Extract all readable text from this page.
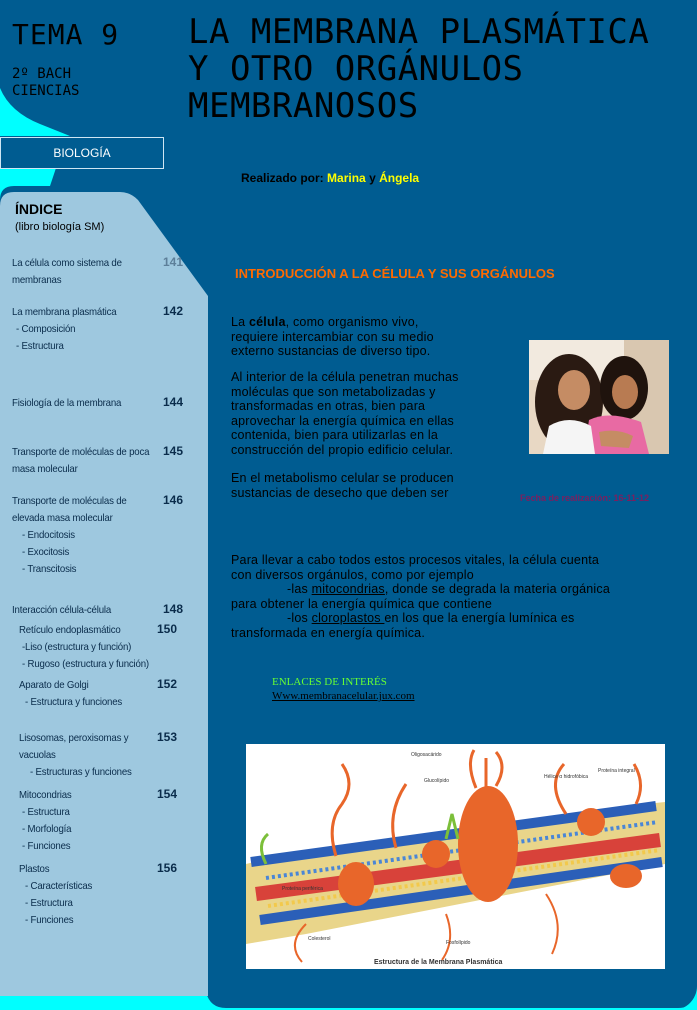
TEMA 9
2º BACH
CIENCIAS
LA MEMBRANA PLASMÁTICA
Y OTRO ORGÁNULOS
MEMBRANOSOS
BIOLOGÍA
ÍNDICE
(libro biología SM)
La célula como sistema de	141
membranas
La membrana plasmática	142
- Composición
- Estructura
Fisiología de la membrana	144
Transporte de moléculas de poca 145
masa molecular
Transporte de moléculas de	146
elevada masa molecular
- Endocitosis
- Exocitosis
- Transcitosis
Interacción célula-célula	148
Retículo endoplasmático	150
-Liso (estructura y función)
- Rugoso (estructura y función)
Aparato de Golgi	152
- Estructura y funciones
Lisosomas, peroxisomas y 153
vacuolas
- Estructuras y funciones
Mitocondrias	154
- Estructura
- Morfología
- Funciones
Plastos	156
- Características
- Estructura
- Funciones
Realizado por: Marina y Ángela
INTRODUCCIÓN A LA CÉLULA Y SUS ORGÁNULOS
La célula, como organismo vivo,
requiere intercambiar con su medio
externo sustancias de diverso tipo.
Al interior de la célula penetran muchas
moléculas que son metabolizadas y
transformadas en otras, bien para
aprovechar la energía química en ellas
contenida, bien para utilizarlas en la
construcción del propio edificio celular.
En el metabolismo celular se producen
sustancias de desecho que deben ser	Fecha de realización: 16-11-12
Para llevar a cabo todos estos procesos vitales, la célula cuenta
con diversos orgánulos, como por ejemplo
-las mitocondrias, donde se degrada la materia orgánica
para obtener la energía química que contiene
-los cloroplastos en los que la energía lumínica es
transformada en energía química.
ENLACES DE INTERÉS
Www.membranacelular.jux.com
Oligosacárido
Glucolípido
Hélice α hidrofóbica
Proteína integral
Proteína periférica
Fosfolípido
Colesterol
Estructura de la Membrana Plasmática
